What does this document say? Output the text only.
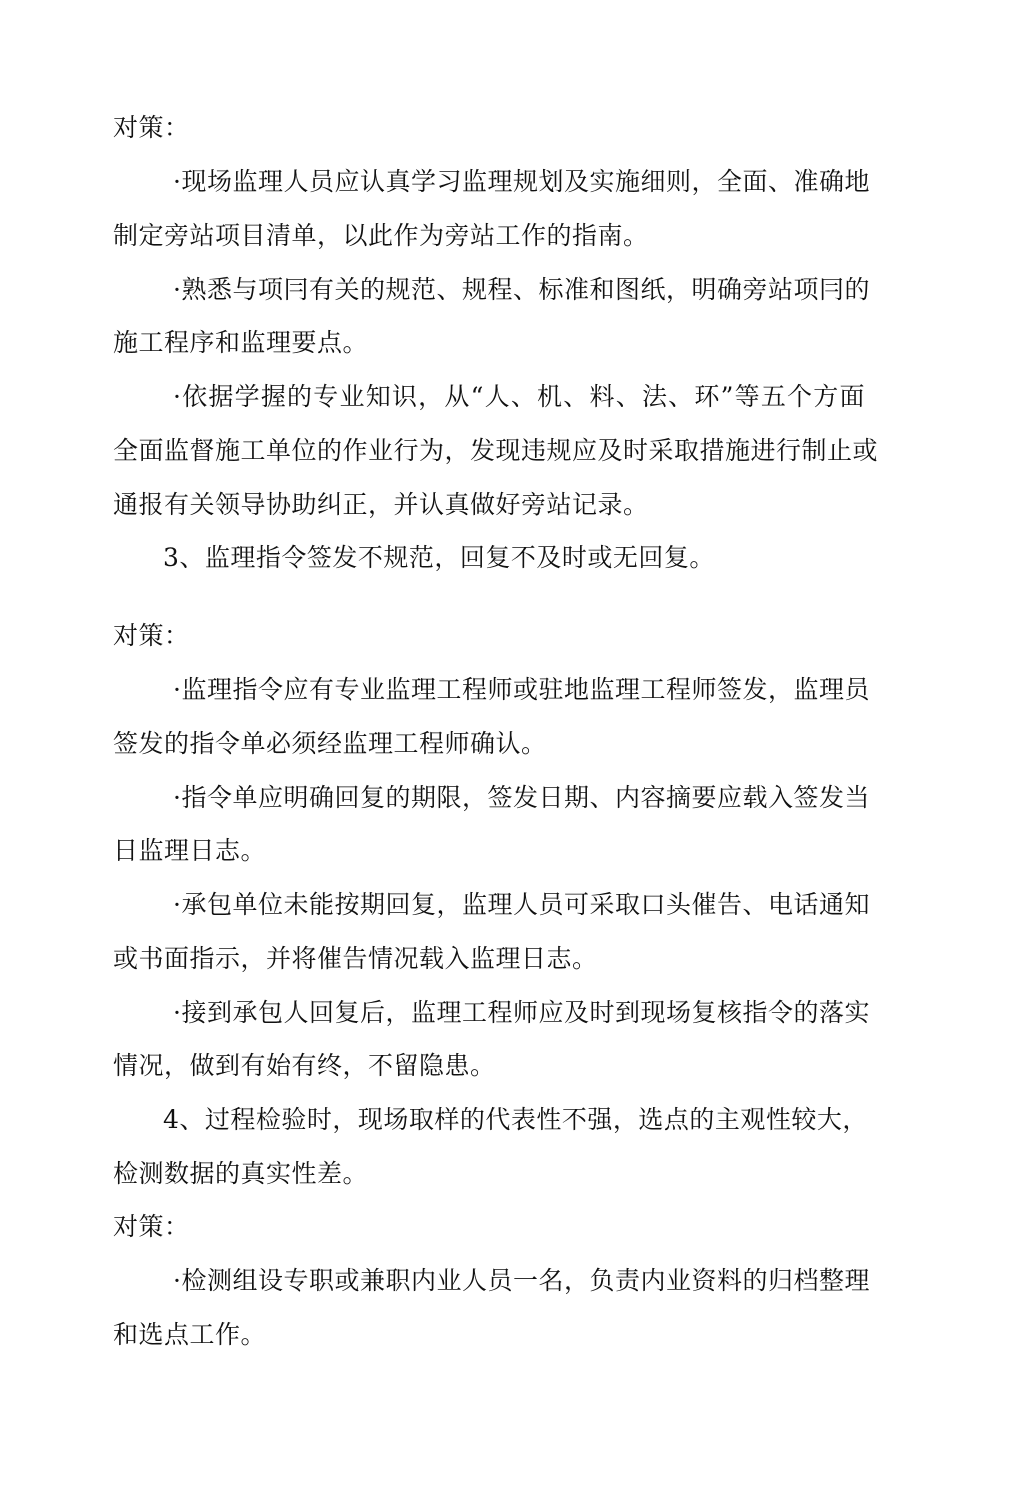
对策：
·现场监理人员应认真学习监理规划及实施细则，全面、准确地
制定旁站项目清单，以此作为旁站工作的指南。
·熟悉与项冃有关的规范、规程、标准和图纸，明确旁站项冃的
施工程序和监理要点。
·依据学握的专业知识，从“人、机、料、法、环”等五个方面
全面监督施工单位的作业行为，发现违规应及时采取措施进行制止或
通报有关领导协助纠正，并认真做好旁站记录。
3、监理指令签发不规范，回复不及时或无回复。
对策：
·监理指令应有专业监理工程师或驻地监理工程师签发，监理员
签发的指令单必须经监理工程师确认。
·指令单应明确回复的期限，签发日期、内容摘要应载入签发当
日监理日志。
·承包单位未能按期回复，监理人员可采取口头催告、电话通知
或书面指示，并将催告情况载入监理日志。
·接到承包人回复后，监理工程师应及时到现场复核指令的落实
情况，做到有始有终，不留隐患。
4、过程检验时，现场取样的代表性不强，选点的主观性较大，
检测数据的真实性差。
对策：
·检测组设专职或兼职内业人员一名，负责内业资料的归档整理
和选点工作。
